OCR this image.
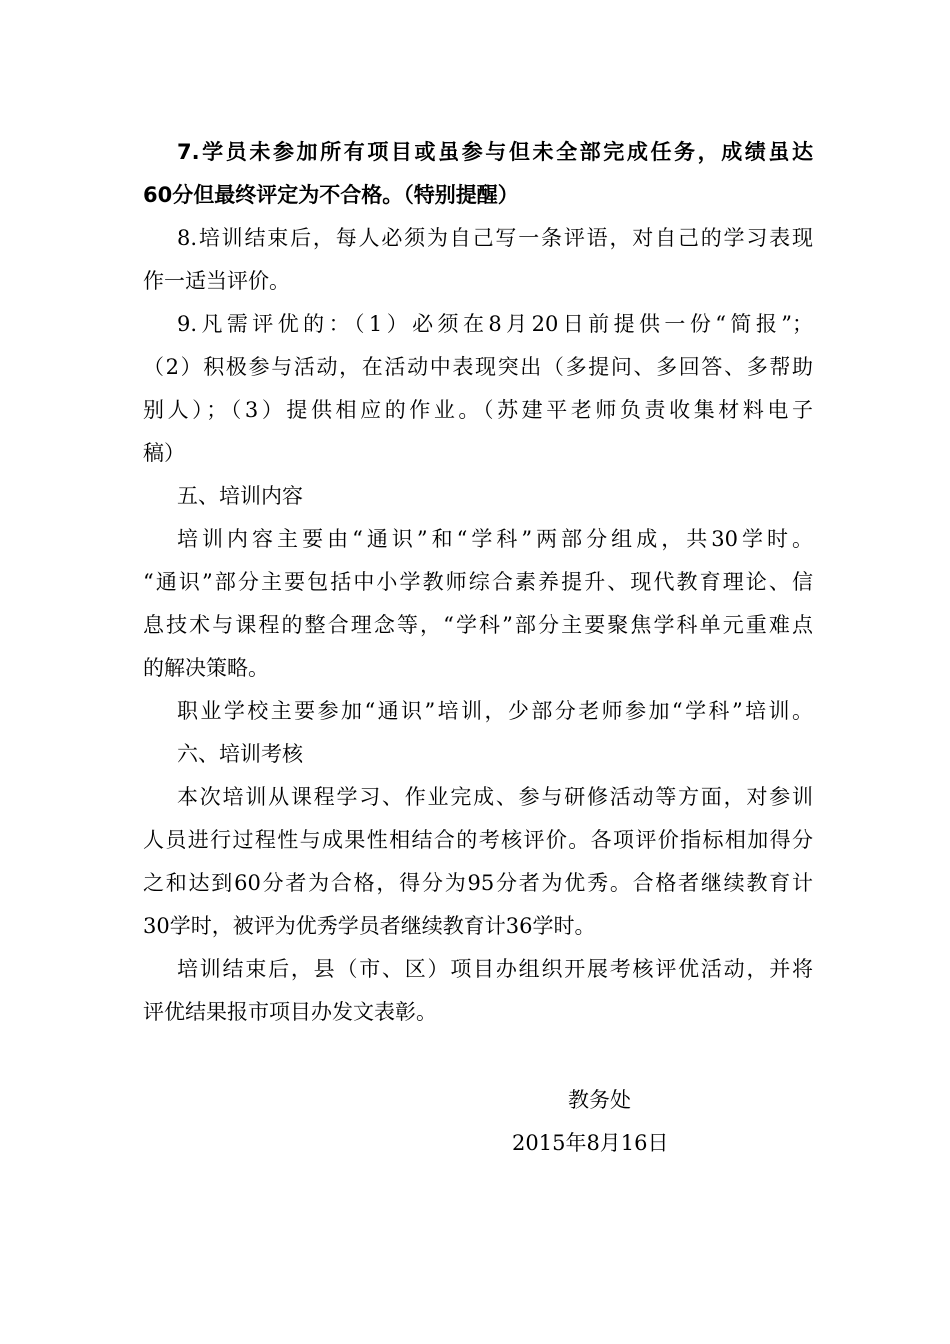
7.学员未参加所有项目或虽参与但未全部完成任务，成绩虽达
60分但最终评定为不合格。（特别提醒）
8.培训结束后，每人必须为自己写一条评语，对自己的学习表现
作一适当评价。
9.凡需评优的：（1）必须在8月20日前提供一份“简报”；
（2）积极参与活动，在活动中表现突出（多提问、多回答、多帮助
别人）；（3）提供相应的作业。（苏建平老师负责收集材料电子
稿）
五、培训内容
培训内容主要由“通识”和“学科”两部分组成，共30学时。
“通识”部分主要包括中小学教师综合素养提升、现代教育理论、信
息技术与课程的整合理念等，“学科”部分主要聚焦学科单元重难点
的解决策略。
职业学校主要参加“通识”培训，少部分老师参加“学科”培训。
六、培训考核
本次培训从课程学习、作业完成、参与研修活动等方面，对参训
人员进行过程性与成果性相结合的考核评价。各项评价指标相加得分
之和达到60分者为合格，得分为95分者为优秀。合格者继续教育计
30学时，被评为优秀学员者继续教育计36学时。
培训结束后，县（市、区）项目办组织开展考核评优活动，并将
评优结果报市项目办发文表彰。
教务处
2015年8月16日
